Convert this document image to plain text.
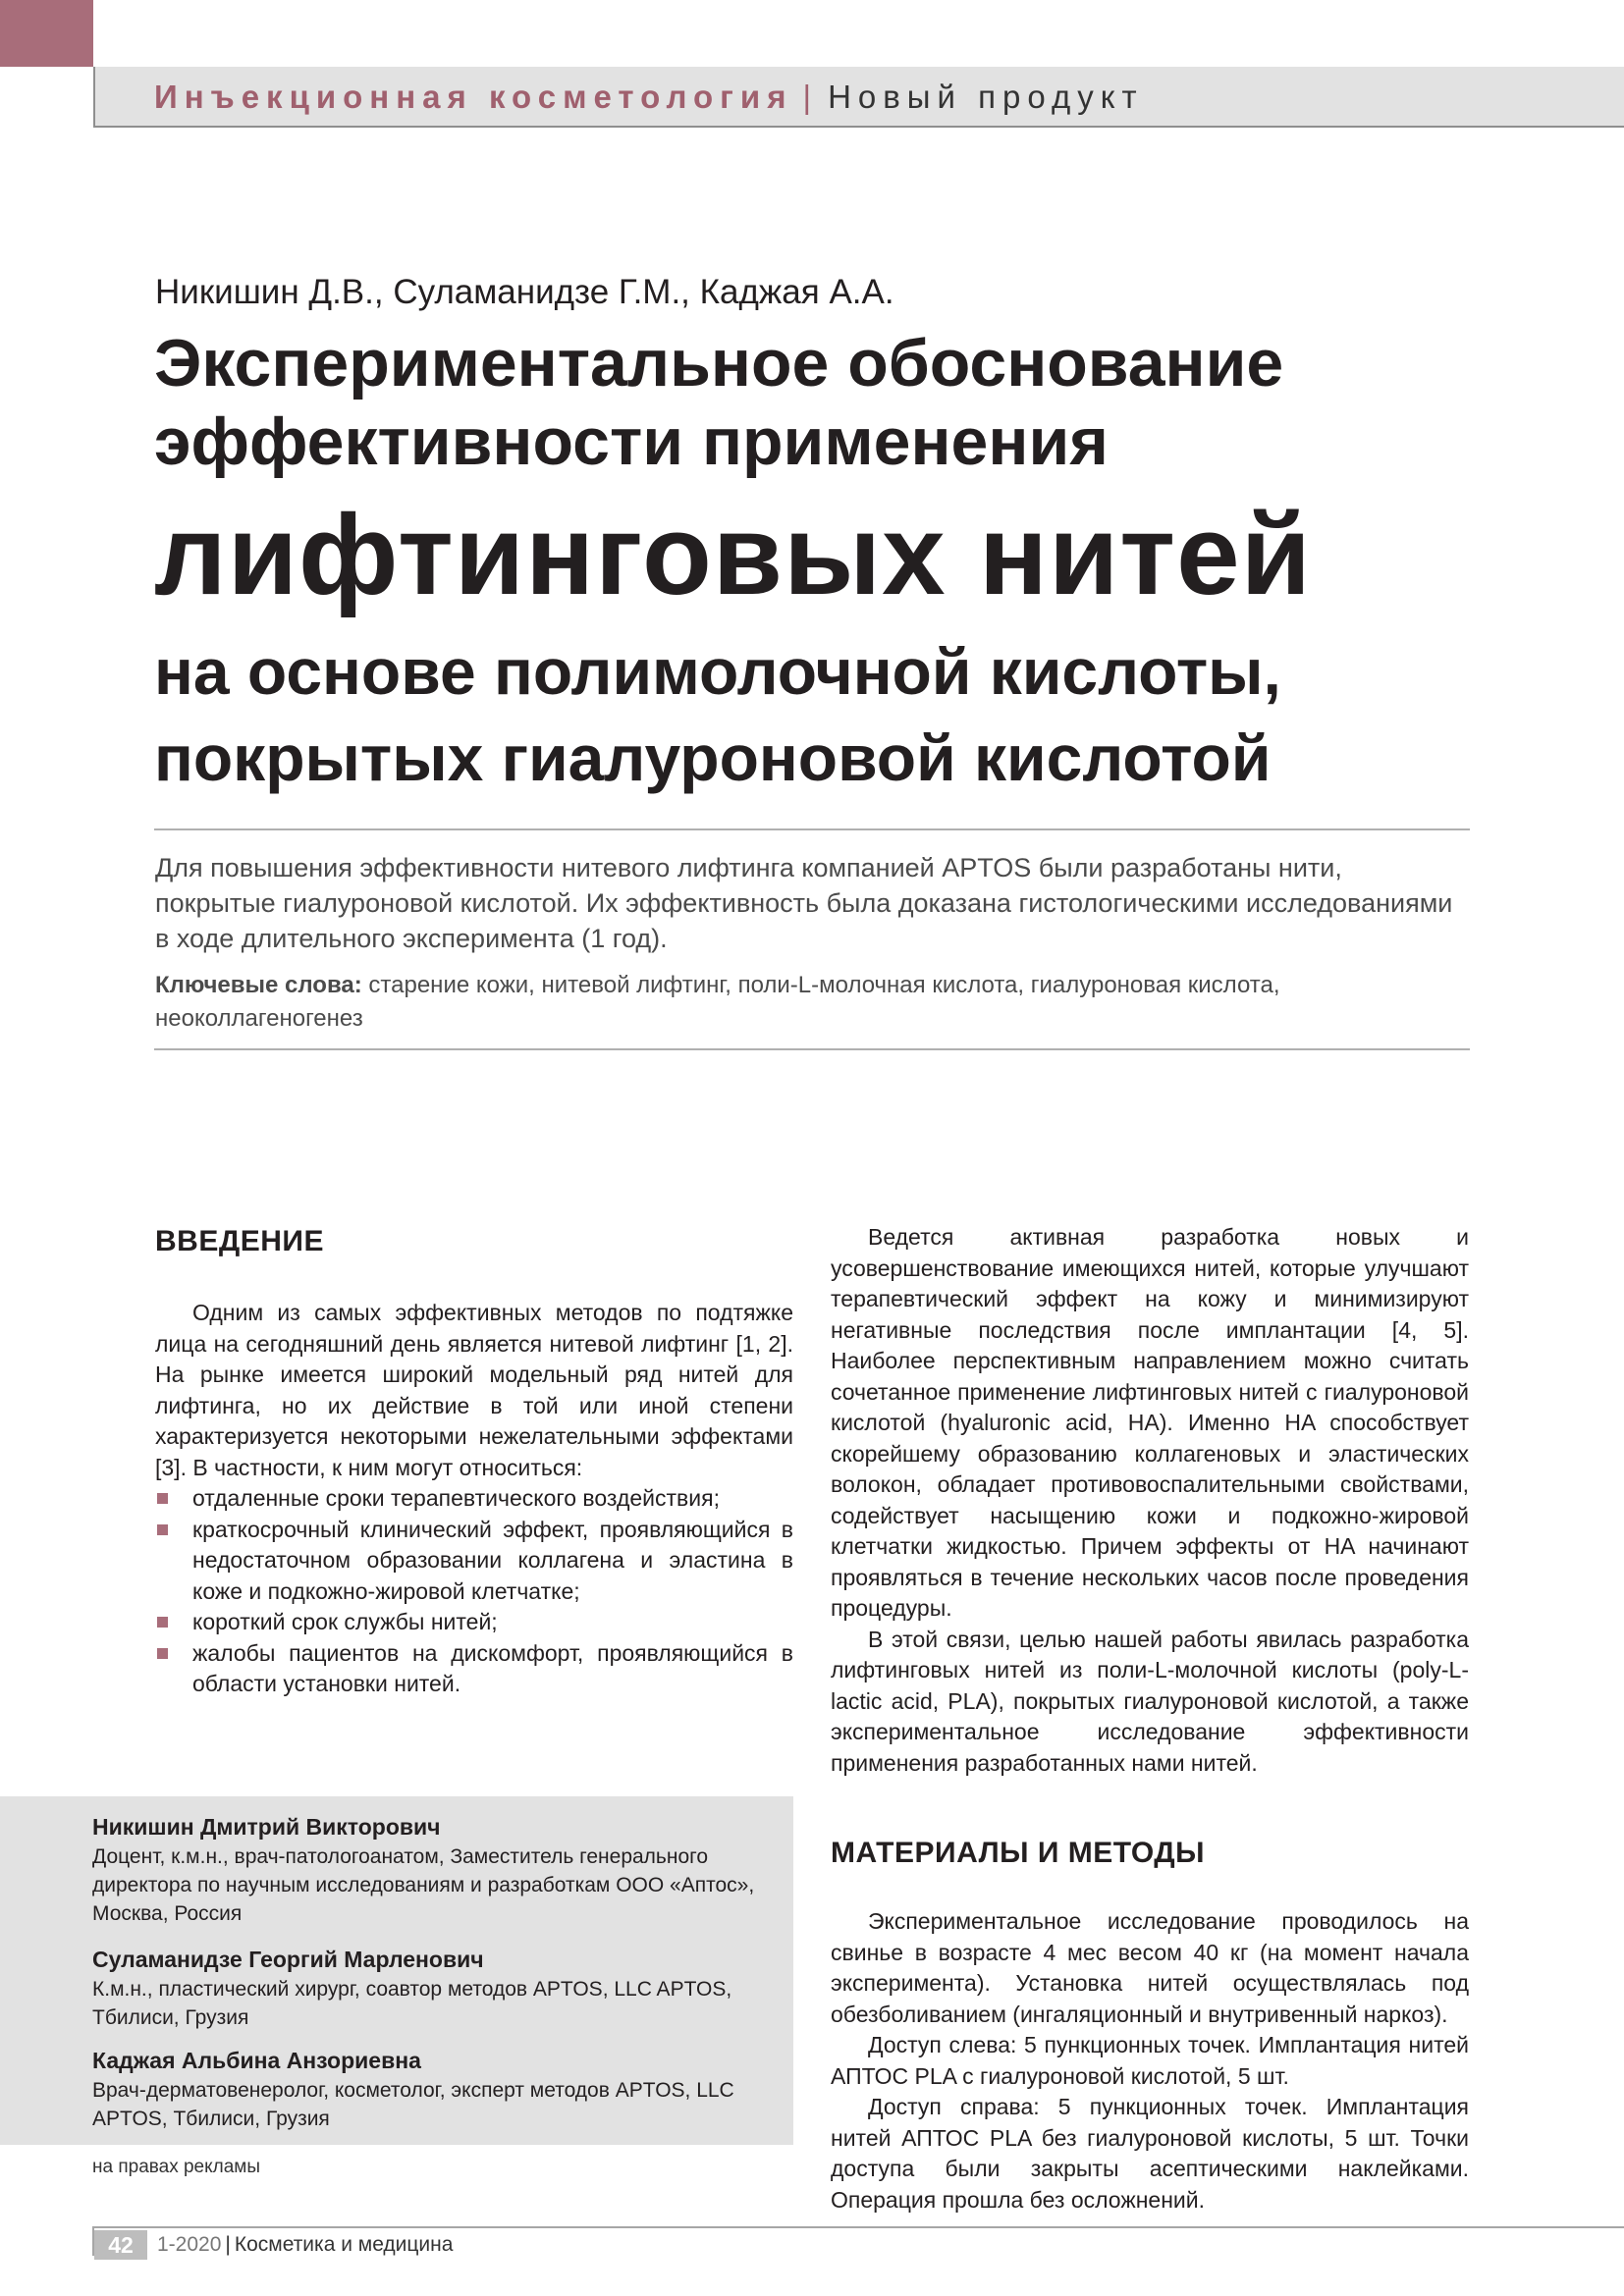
Инъекционная косметология | Новый продукт
Никишин Д.В., Суламанидзе Г.М., Каджая А.А.
Экспериментальное обоснование
эффективности применения
лифтинговых нитей
на основе полимолочной кислоты,
покрытых гиалуроновой кислотой
Для повышения эффективности нитевого лифтинга компанией APTOS были разработаны нити, покрытые гиалуроновой кислотой. Их эффективность была доказана гистологическими исследованиями в ходе длительного эксперимента (1 год).
Ключевые слова: старение кожи, нитевой лифтинг, поли-L-молочная кислота, гиалуроновая кислота, неоколлагеногенез
ВВЕДЕНИЕ

Одним из самых эффективных методов по подтяжке лица на сегодняшний день является нитевой лифтинг [1, 2]. На рынке имеется широкий модельный ряд нитей для лифтинга, но их действие в той или иной степени характеризуется некоторыми нежелательными эффектами [3]. В частности, к ним могут относиться:

отдаленные сроки терапевтического воздействия;
краткосрочный клинический эффект, проявляющийся в недостаточном образовании коллагена и эластина в коже и подкожно-жировой клетчатке;
короткий срок службы нитей;
жалобы пациентов на дискомфорт, проявляющийся в области установки нитей.

Ведется активная разработка новых и усовершенствование имеющихся нитей, которые улучшают терапевтический эффект на кожу и минимизируют негативные последствия после имплантации [4, 5]. Наиболее перспективным направлением можно считать сочетанное применение лифтинговых нитей с гиалуроновой кислотой (hyaluronic acid, HA). Именно HA способствует скорейшему образованию коллагеновых и эластических волокон, обладает противовоспалительными свойствами, содействует насыщению кожи и подкожно-жировой клетчатки жидкостью. Причем эффекты от HA начинают проявляться в течение нескольких часов после проведения процедуры.

В этой связи, целью нашей работы явилась разработка лифтинговых нитей из поли-L-молочной кислоты (poly-L-lactic acid, PLA), покрытых гиалуроновой кислотой, а также экспериментальное исследование эффективности применения разработанных нами нитей.

МАТЕРИАЛЫ И МЕТОДЫ

Экспериментальное исследование проводилось на свинье в возрасте 4 мес весом 40 кг (на момент начала эксперимента). Установка нитей осуществлялась под обезболиванием (ингаляционный и внутривенный наркоз).

Доступ слева: 5 пункционных точек. Имплантация нитей АПТОС PLA с гиалуроновой кислотой, 5 шт.

Доступ справа: 5 пункционных точек. Имплантация нитей АПТОС PLA без гиалуроновой кислоты, 5 шт. Точки доступа были закрыты асептическими наклейками. Операция прошла без осложнений.

Никишин Дмитрий Викторович
Доцент, к.м.н., врач-патологоанатом, Заместитель генерального директора по научным исследованиям и разработкам ООО «Аптос», Москва, Россия
Суламанидзе Георгий Марленович
К.м.н., пластический хирург, соавтор методов APTOS, LLC APTOS, Тбилиси, Грузия
Каджая Альбина Анзориевна
Врач-дерматовенеролог, косметолог, эксперт методов APTOS, LLC APTOS, Тбилиси, Грузия
на правах рекламы
42	1-2020 | Косметика и медицина
